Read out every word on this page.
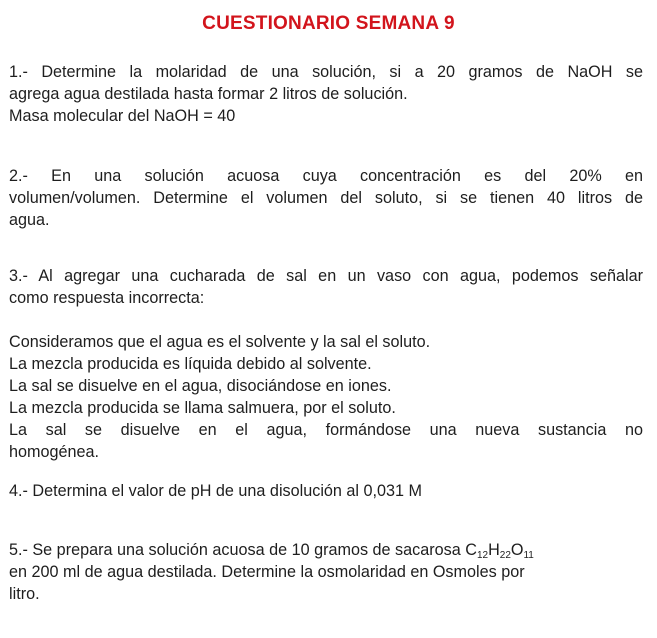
CUESTIONARIO SEMANA 9
1.- Determine la molaridad de una solución, si a 20 gramos de NaOH se
agrega agua destilada hasta formar 2 litros de solución.
Masa molecular del NaOH = 40
2.- En una solución acuosa cuya concentración es del 20% en
volumen/volumen. Determine el volumen del soluto, si se tienen 40 litros de
agua.
3.- Al agregar una cucharada de sal en un vaso con agua, podemos señalar
como respuesta incorrecta:
Consideramos que el agua es el solvente y la sal el soluto.
La mezcla producida es líquida debido al solvente.
La sal se disuelve en el agua, disociándose en iones.
La mezcla producida se llama salmuera, por el soluto.
La sal se disuelve en el agua, formándose una nueva sustancia no
homogénea.
4.- Determina el valor de pH de una disolución al 0,031 M
5.- Se prepara una solución acuosa de 10 gramos de sacarosa $C_{12}H_{22}O_{11}$
en 200 ml de agua destilada. Determine la osmolaridad en Osmoles por
litro.
